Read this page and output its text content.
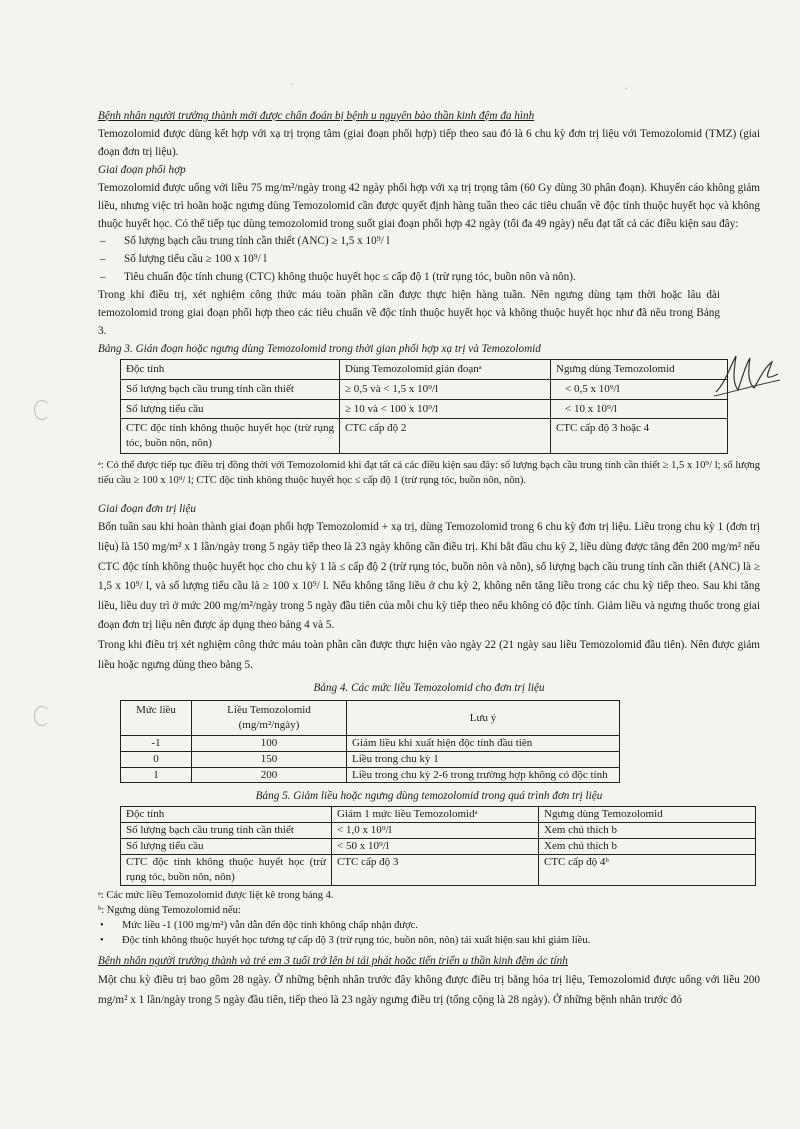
·	·

Bệnh nhân người trưởng thành mới được chẩn đoán bị bệnh u nguyên bào thần kinh đệm đa hình

Temozolomid được dùng kết hợp với xạ trị trọng tâm (giai đoạn phối hợp) tiếp theo sau đó là 6 chu kỳ đơn trị liệu với Temozolomid (TMZ) (giai đoạn đơn trị liệu).

Giai đoạn phối hợp

Temozolomid được uống với liều 75 mg/m²/ngày trong 42 ngày phối hợp với xạ trị trọng tâm (60 Gy dùng 30 phân đoạn). Khuyến cáo không giảm liều, nhưng việc trì hoãn hoặc ngưng dùng Temozolomid cần được quyết định hàng tuần theo các tiêu chuẩn về độc tính thuộc huyết học và không thuộc huyết học. Có thể tiếp tục dùng temozolomid trong suốt giai đoạn phối hợp 42 ngày (tối đa 49 ngày) nếu đạt tất cả các điều kiện sau đây:

–	Số lượng bạch cầu trung tính cần thiết (ANC) ≥ 1,5 x 10⁹/ l
–	Số lượng tiểu cầu ≥ 100 x 10⁹/ l
–	Tiêu chuẩn độc tính chung (CTC) không thuộc huyết học ≤ cấp độ 1 (trừ rụng tóc, buồn nôn và nôn).

Trong khi điều trị, xét nghiệm công thức máu toàn phần cần được thực hiện hàng tuần. Nên ngưng dùng tạm thời hoặc lâu dài temozolomid trong giai đoạn phối hợp theo các tiêu chuẩn về độc tính thuộc huyết học và không thuộc huyết học như đã nêu trong Bảng 3.

Bảng 3. Gián đoạn hoặc ngưng dùng Temozolomid trong thời gian phối hợp xạ trị và Temozolomid

Độc tính	Dùng Temozolomid gián đoạnᵃ	Ngưng dùng Temozolomid
Số lượng bạch cầu trung tính cần thiết	≥ 0,5 và < 1,5 x 10⁹/l	< 0,5 x 10⁹/l
Số lượng tiểu cầu	≥ 10 và < 100 x 10⁹/l	< 10 x 10⁹/l
CTC độc tính không thuộc huyết học (trừ rụng tóc, buồn nôn, nôn)	CTC cấp độ 2	CTC cấp độ 3 hoặc 4

ᵃ: Có thể được tiếp tục điều trị đồng thời với Temozolomid khi đạt tất cả các điều kiện sau đây: số lượng bạch cầu trung tính cần thiết ≥ 1,5 x 10⁹/ l; số lượng tiểu cầu ≥ 100 x 10⁹/ l; CTC độc tính không thuộc huyết học ≤ cấp độ 1 (trừ rụng tóc, buồn nôn, nôn).

Giai đoạn đơn trị liệu

Bốn tuần sau khi hoàn thành giai đoạn phối hợp Temozolomid + xạ trị, dùng Temozolomid trong 6 chu kỳ đơn trị liệu. Liều trong chu kỳ 1 (đơn trị liệu) là 150 mg/m² x 1 lần/ngày trong 5 ngày tiếp theo là 23 ngày không cần điều trị. Khi bắt đầu chu kỳ 2, liều dùng được tăng đến 200 mg/m² nếu CTC độc tính không thuộc huyết học cho chu kỳ 1 là ≤ cấp độ 2 (trừ rụng tóc, buồn nôn và nôn), số lượng bạch cầu trung tính cần thiết (ANC) là ≥ 1,5 x 10⁹/ l, và số lượng tiểu cầu là ≥ 100 x 10⁹/ l. Nếu không tăng liều ở chu kỳ 2, không nên tăng liều trong các chu kỳ tiếp theo. Sau khi tăng liều, liều duy trì ở mức 200 mg/m²/ngày trong 5 ngày đầu tiên của mỗi chu kỳ tiếp theo nếu không có độc tính. Giảm liều và ngưng thuốc trong giai đoạn đơn trị liệu nên được áp dụng theo bảng 4 và 5.

Trong khi điều trị xét nghiệm công thức máu toàn phần cần được thực hiện vào ngày 22 (21 ngày sau liều Temozolomid đầu tiên). Nên được giảm liều hoặc ngưng dùng theo bảng 5.

Bảng 4. Các mức liều Temozolomid cho đơn trị liệu

Mức liều	Liều Temozolomid (mg/m²/ngày)	Lưu ý
-1	100	Giảm liều khi xuất hiện độc tính đầu tiên
0	150	Liều trong chu kỳ 1
1	200	Liều trong chu kỳ 2-6 trong trường hợp không có độc tính

Bảng 5. Giảm liều hoặc ngưng dùng temozolomid trong quá trình đơn trị liệu

Độc tính	Giảm 1 mức liều Temozolomidᵃ	Ngưng dùng Temozolomid
Số lượng bạch cầu trung tính cần thiết	< 1,0 x 10⁹/l	Xem chú thích b
Số lượng tiểu cầu	< 50 x 10⁹/l	Xem chú thích b
CTC độc tính không thuộc huyết học (trừ rụng tóc, buồn nôn, nôn)	CTC cấp độ 3	CTC cấp độ 4ᵇ

ᵃ: Các mức liều Temozolomid được liệt kê trong bảng 4.

ᵇ: Ngưng dùng Temozolomid nếu:

•	Mức liều -1 (100 mg/m²) vẫn dẫn đến độc tính không chấp nhận được.
•	Độc tính không thuộc huyết học tương tự cấp độ 3 (trừ rụng tóc, buồn nôn, nôn) tái xuất hiện sau khi giảm liều.

Bệnh nhân người trưởng thành và trẻ em 3 tuổi trở lên bị tái phát hoặc tiến triển u thần kinh đệm ác tính

Một chu kỳ điều trị bao gồm 28 ngày. Ở những bệnh nhân trước đây không được điều trị bằng hóa trị liệu, Temozolomid được uống với liều 200 mg/m² x 1 lần/ngày trong 5 ngày đầu tiên, tiếp theo là 23 ngày ngưng điều trị (tổng cộng là 28 ngày). Ở những bệnh nhân trước đó
